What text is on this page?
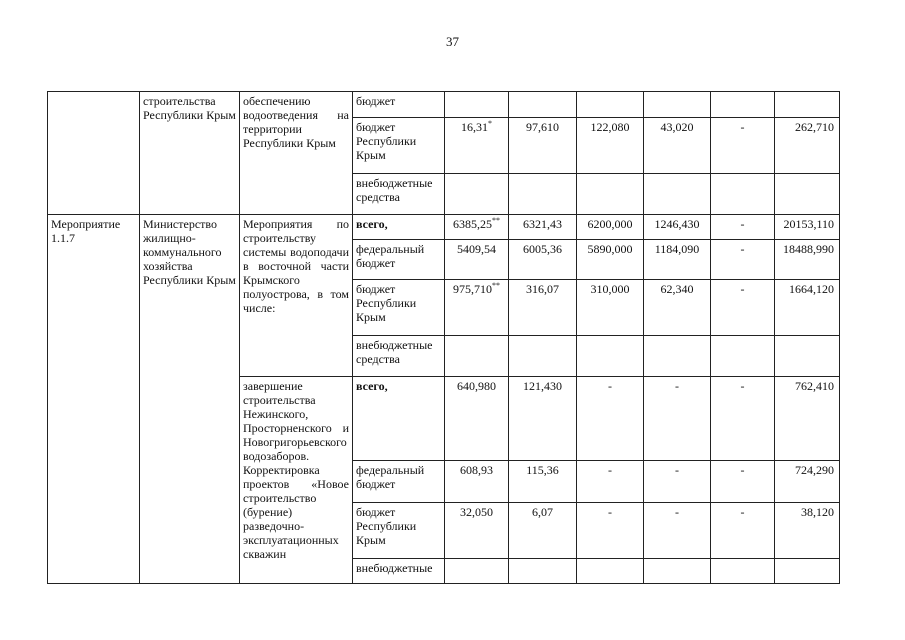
37
	строительства Республики Крым	обеспечению водоотведения на территории Республики Крым	бюджет						

			бюджет Республики Крым	16,31*	97,610	122,080	43,020	-	262,710
			внебюджетные средства						
Мероприятие 1.1.7	Министерство жилищно-коммунального хозяйства Республики Крым	Мероприятия по строительству системы водоподачи в восточной части Крымского полуострова, в том числе:	всего,	6385,25**	6321,43	6200,000	1246,430	-	20153,110
			федеральный бюджет	5409,54	6005,36	5890,000	1184,090	-	18488,990
			бюджет Республики Крым	975,710**	316,07	310,000	62,340	-	1664,120
			внебюджетные средства						
		завершение строительства Нежинского, Просторненского и Новогригорьевского водозаборов. Корректировка проектов «Новое строительство (бурение) разведочно-эксплуатационных скважин	всего,	640,980	121,430	-	-	-	762,410
			федеральный бюджет	608,93	115,36	-	-	-	724,290
			бюджет Республики Крым	32,050	6,07	-	-	-	38,120
			внебюджетные						
